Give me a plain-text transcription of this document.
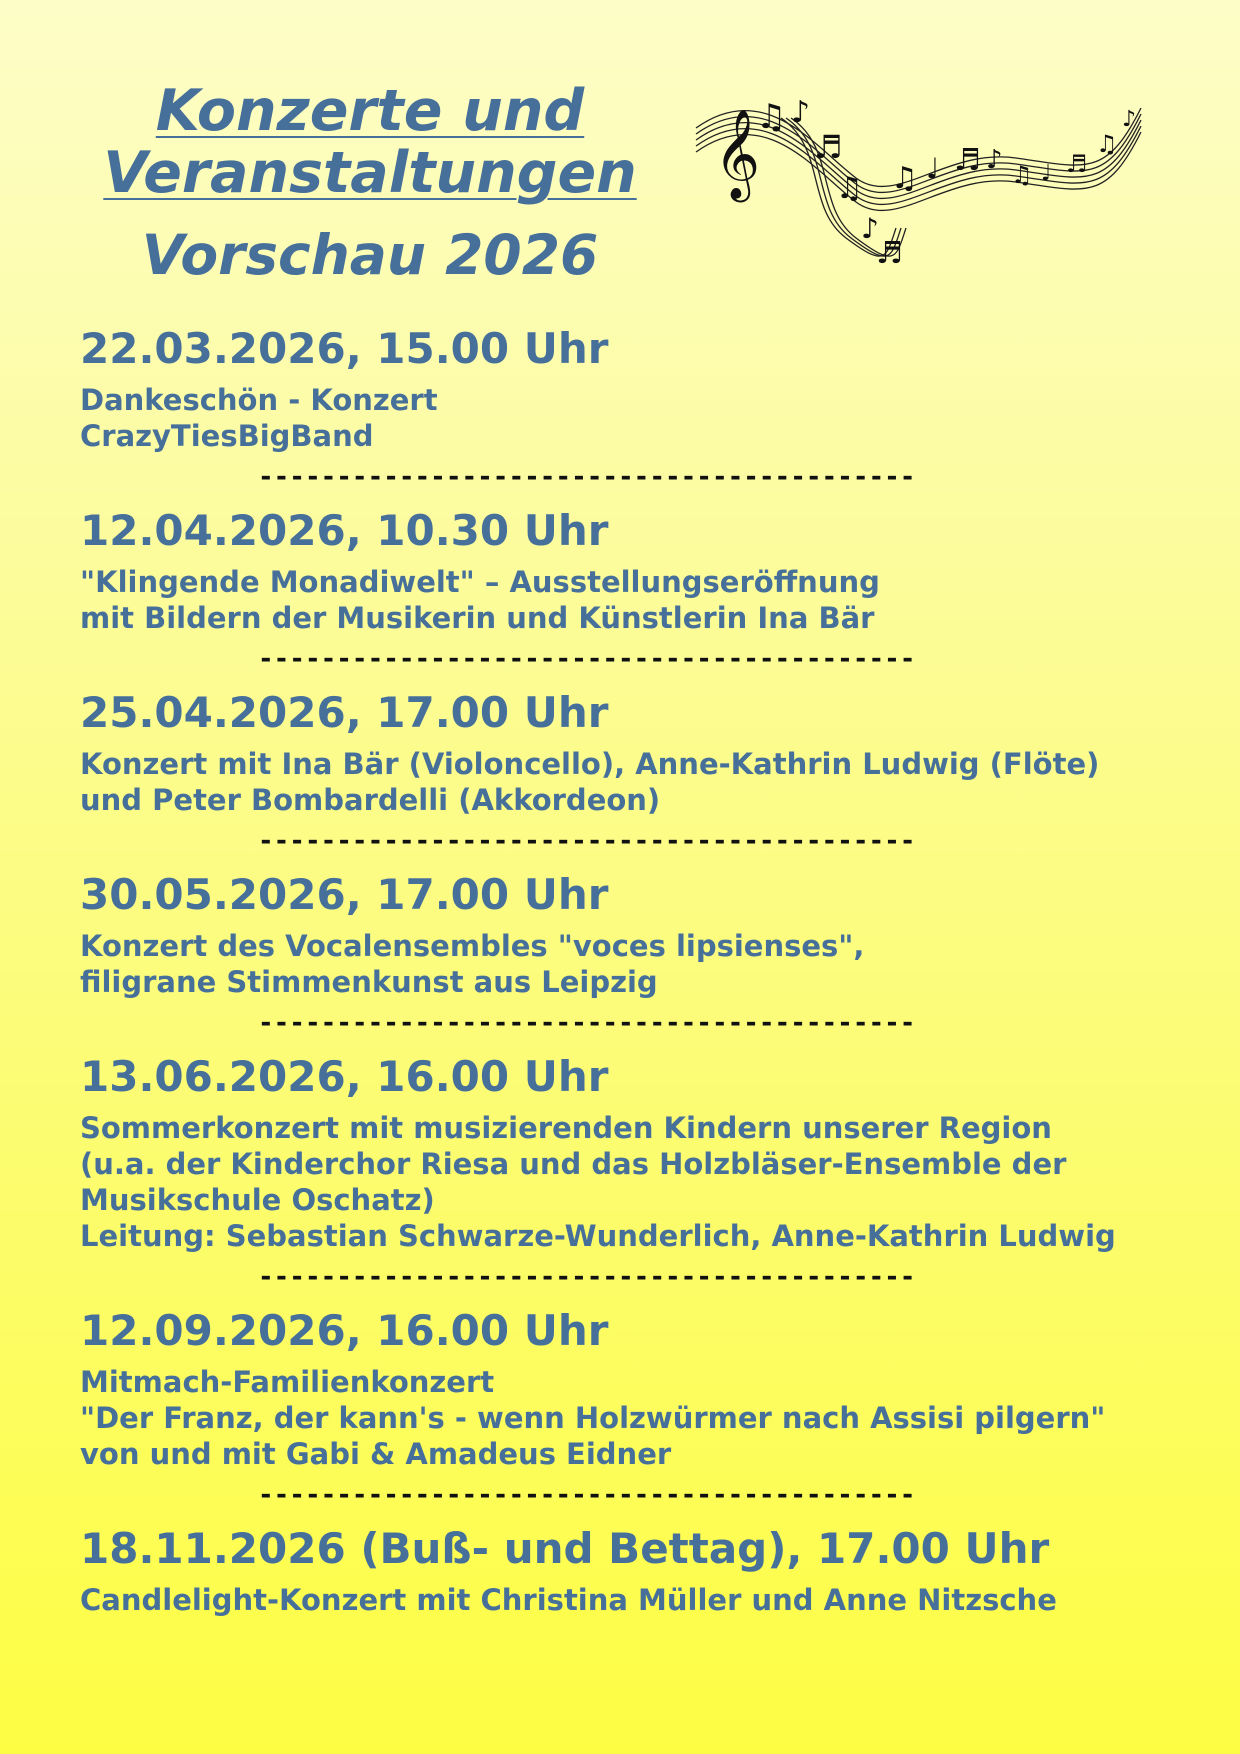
Konzerte und
Veranstaltungen
Vorschau 2026
𝄞
♫ ♪
♬
♫
♪
♬
♫ ♩ ♬ ♪ ♫ ♩ ♬
♫
♪

22.03.2026, 15.00 Uhr

Dankeschön - Konzert

CrazyTiesBigBand

------------------------------------------

12.04.2026, 10.30 Uhr

"Klingende Monadiwelt" – Ausstellungseröffnung

mit Bildern der Musikerin und Künstlerin Ina Bär

------------------------------------------

25.04.2026, 17.00 Uhr

Konzert mit Ina Bär (Violoncello), Anne-Kathrin Ludwig (Flöte)

und Peter Bombardelli (Akkordeon)

------------------------------------------

30.05.2026, 17.00 Uhr

Konzert des Vocalensembles "voces lipsienses",

filigrane Stimmenkunst aus Leipzig

------------------------------------------

13.06.2026, 16.00 Uhr

Sommerkonzert mit musizierenden Kindern unserer Region

(u.a. der Kinderchor Riesa und das Holzbläser-Ensemble der

Musikschule Oschatz)

Leitung: Sebastian Schwarze-Wunderlich, Anne-Kathrin Ludwig

------------------------------------------

12.09.2026, 16.00 Uhr

Mitmach-Familienkonzert

"Der Franz, der kann's - wenn Holzwürmer nach Assisi pilgern"

von und mit Gabi & Amadeus Eidner

------------------------------------------

18.11.2026 (Buß- und Bettag), 17.00 Uhr

Candlelight-Konzert mit Christina Müller und Anne Nitzsche
